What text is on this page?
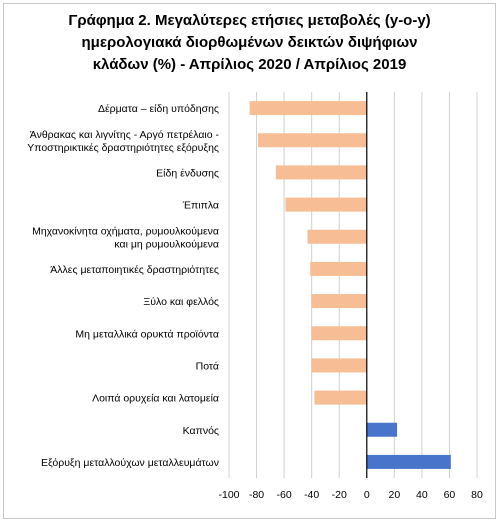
Γράφημα 2. Μεγαλύτερες ετήσιες μεταβολές (y-o-y)
ημερολογιακά διορθωμένων δεικτών διψήφιων
κλάδων (%) - Απρίλιος 2020 / Απρίλιος 2019
Δέρματα – είδη υπόδησης
Άνθρακας και λιγνίτης - Αργό πετρέλαιο -
Υποστηρικτικές δραστηριότητες εξόρυξης
Είδη ένδυσης
Έπιπλα
Μηχανοκίνητα οχήματα, ρυμουλκούμενα
και μη ρυμουλκούμενα
Άλλες μεταποιητικές δραστηριότητες
Ξύλο και φελλός
Μη μεταλλικά ορυκτά προϊόντα
Ποτά
Λοιπά ορυχεία και λατομεία
Καπνός
Εξόρυξη μεταλλούχων μεταλλευμάτων
-100 -80 -60 -40 -20 0 20 40 60 80
